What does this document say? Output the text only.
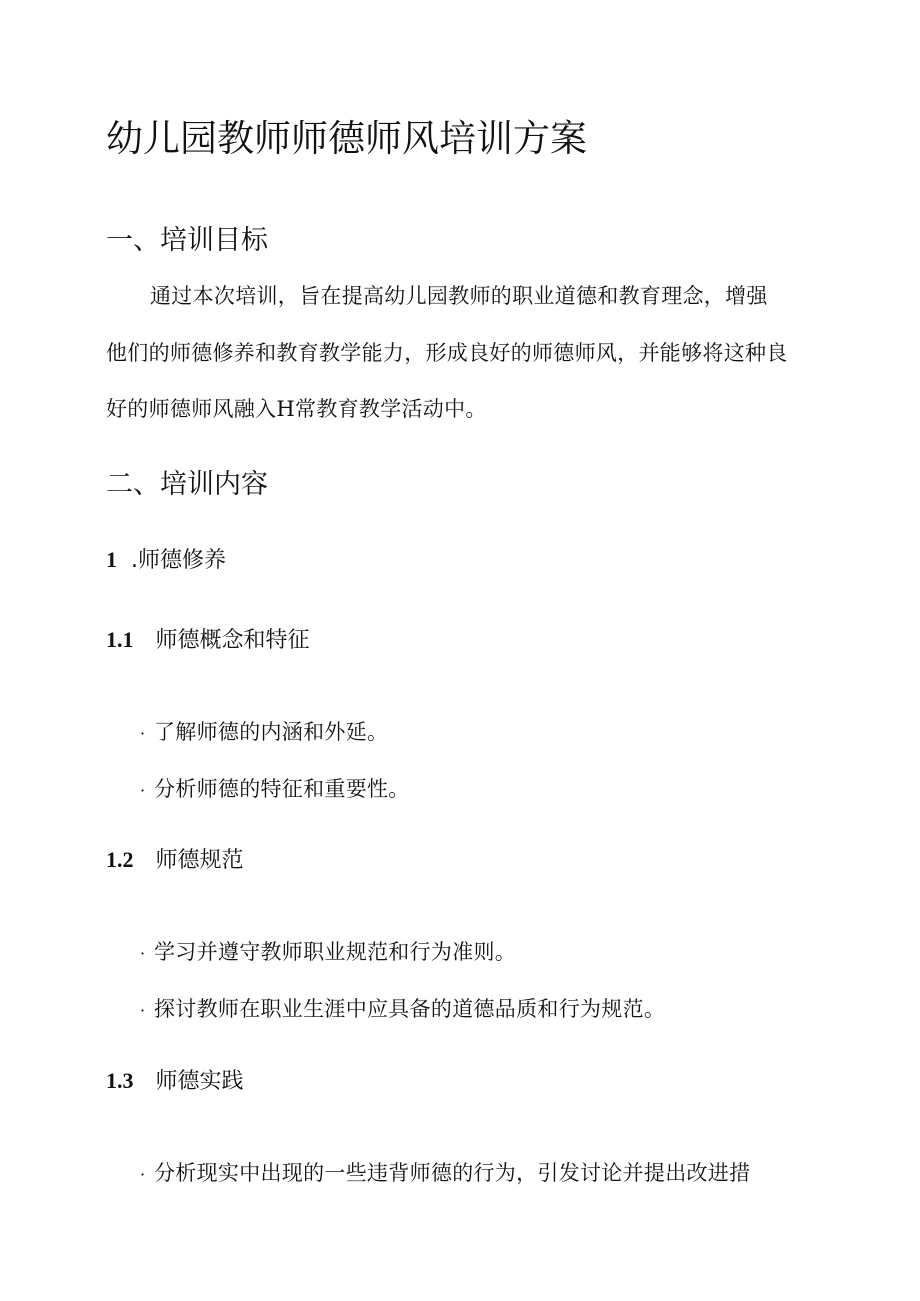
幼儿园教师师德师风培训方案
一、培训目标

通过本次培训，旨在提高幼儿园教师的职业道德和教育理念，增强

他们的师德修养和教育教学能力，形成良好的师德师风，并能够将这种良

好的师德师风融入H常教育教学活动中。

二、培训内容
1 .师德修养
1.1 师德概念和特征

· 了解师德的内涵和外延。

· 分析师德的特征和重要性。

1.2 师德规范

· 学习并遵守教师职业规范和行为准则。

· 探讨教师在职业生涯中应具备的道德品质和行为规范。

1.3 师德实践

· 分析现实中出现的一些违背师德的行为，引发讨论并提出改进措
